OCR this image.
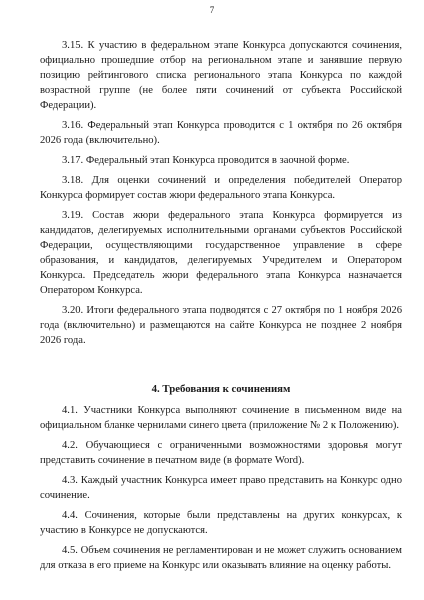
7

3.15. К участию в федеральном этапе Конкурса допускаются сочинения, официально прошедшие отбор на региональном этапе и занявшие первую позицию рейтингового списка регионального этапа Конкурса по каждой возрастной группе (не более пяти сочинений от субъекта Российской Федерации).

3.16. Федеральный этап Конкурса проводится с 1 октября по 26 октября 2026 года (включительно).

3.17. Федеральный этап Конкурса проводится в заочной форме.

3.18. Для оценки сочинений и определения победителей Оператор Конкурса формирует состав жюри федерального этапа Конкурса.

3.19. Состав жюри федерального этапа Конкурса формируется из кандидатов, делегируемых исполнительными органами субъектов Российской Федерации, осуществляющими государственное управление в сфере образования, и кандидатов, делегируемых Учредителем и Оператором Конкурса. Председатель жюри федерального этапа Конкурса назначается Оператором Конкурса.

3.20. Итоги федерального этапа подводятся с 27 октября по 1 ноября 2026 года (включительно) и размещаются на сайте Конкурса не позднее 2 ноября 2026 года.

4. Требования к сочинениям

4.1. Участники Конкурса выполняют сочинение в письменном виде на официальном бланке чернилами синего цвета (приложение № 2 к Положению).

4.2. Обучающиеся с ограниченными возможностями здоровья могут представить сочинение в печатном виде (в формате Word).

4.3. Каждый участник Конкурса имеет право представить на Конкурс одно сочинение.

4.4. Сочинения, которые были представлены на других конкурсах, к участию в Конкурсе не допускаются.

4.5. Объем сочинения не регламентирован и не может служить основанием для отказа в его приеме на Конкурс или оказывать влияние на оценку работы.
